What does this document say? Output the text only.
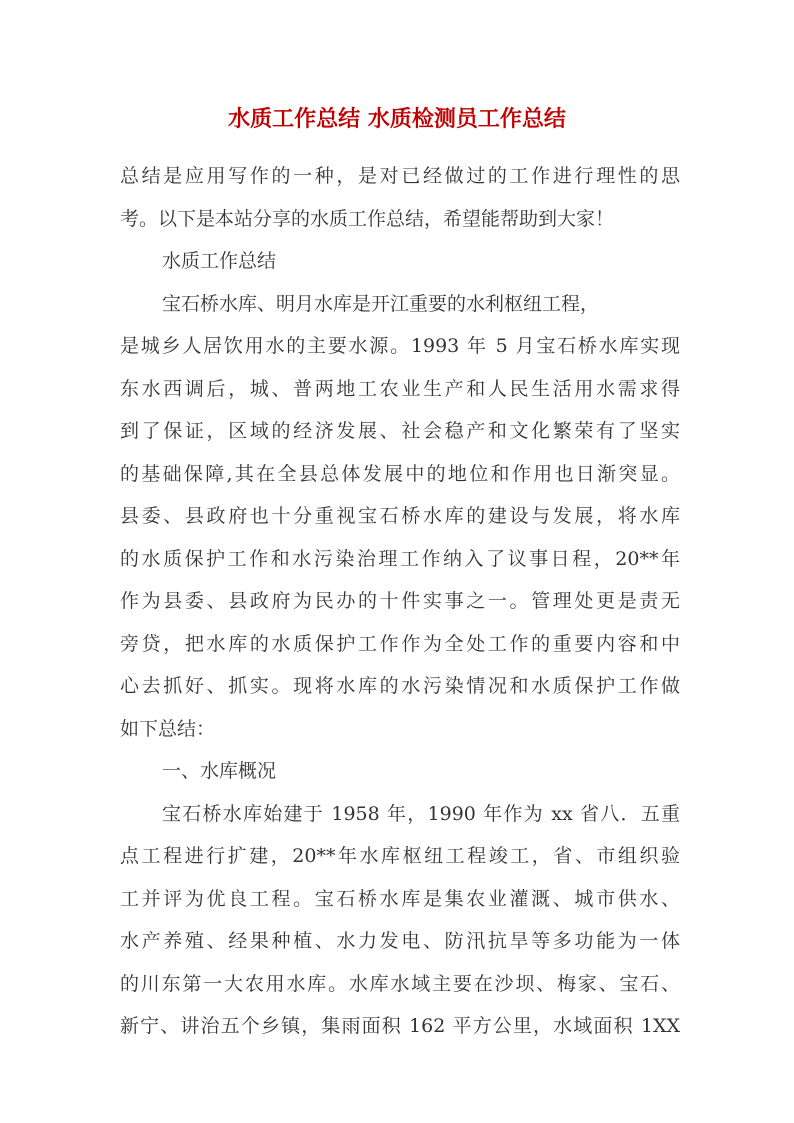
水质工作总结 水质检测员工作总结
总结是应用写作的一种，是对已经做过的工作进行理性的思
考。以下是本站分享的水质工作总结，希望能帮助到大家！
水质工作总结
宝石桥水库、明月水库是开江重要的水利枢纽工程，
是城乡人居饮用水的主要水源。1993 年 5 月宝石桥水库实现
东水西调后，城、普两地工农业生产和人民生活用水需求得
到了保证，区域的经济发展、社会稳产和文化繁荣有了坚实
的基础保障,其在全县总体发展中的地位和作用也日渐突显。
县委、县政府也十分重视宝石桥水库的建设与发展，将水库
的水质保护工作和水污染治理工作纳入了议事日程，20**年
作为县委、县政府为民办的十件实事之一。管理处更是责无
旁贷，把水库的水质保护工作作为全处工作的重要内容和中
心去抓好、抓实。现将水库的水污染情况和水质保护工作做
如下总结：
一、水库概况
宝石桥水库始建于 1958 年，1990 年作为 xx 省八．五重
点工程进行扩建，20**年水库枢纽工程竣工，省、市组织验
工并评为优良工程。宝石桥水库是集农业灌溉、城市供水、
水产养殖、经果种植、水力发电、防汛抗旱等多功能为一体
的川东第一大农用水库。水库水域主要在沙坝、梅家、宝石、
新宁、讲治五个乡镇，集雨面积 162 平方公里，水域面积 1XX
